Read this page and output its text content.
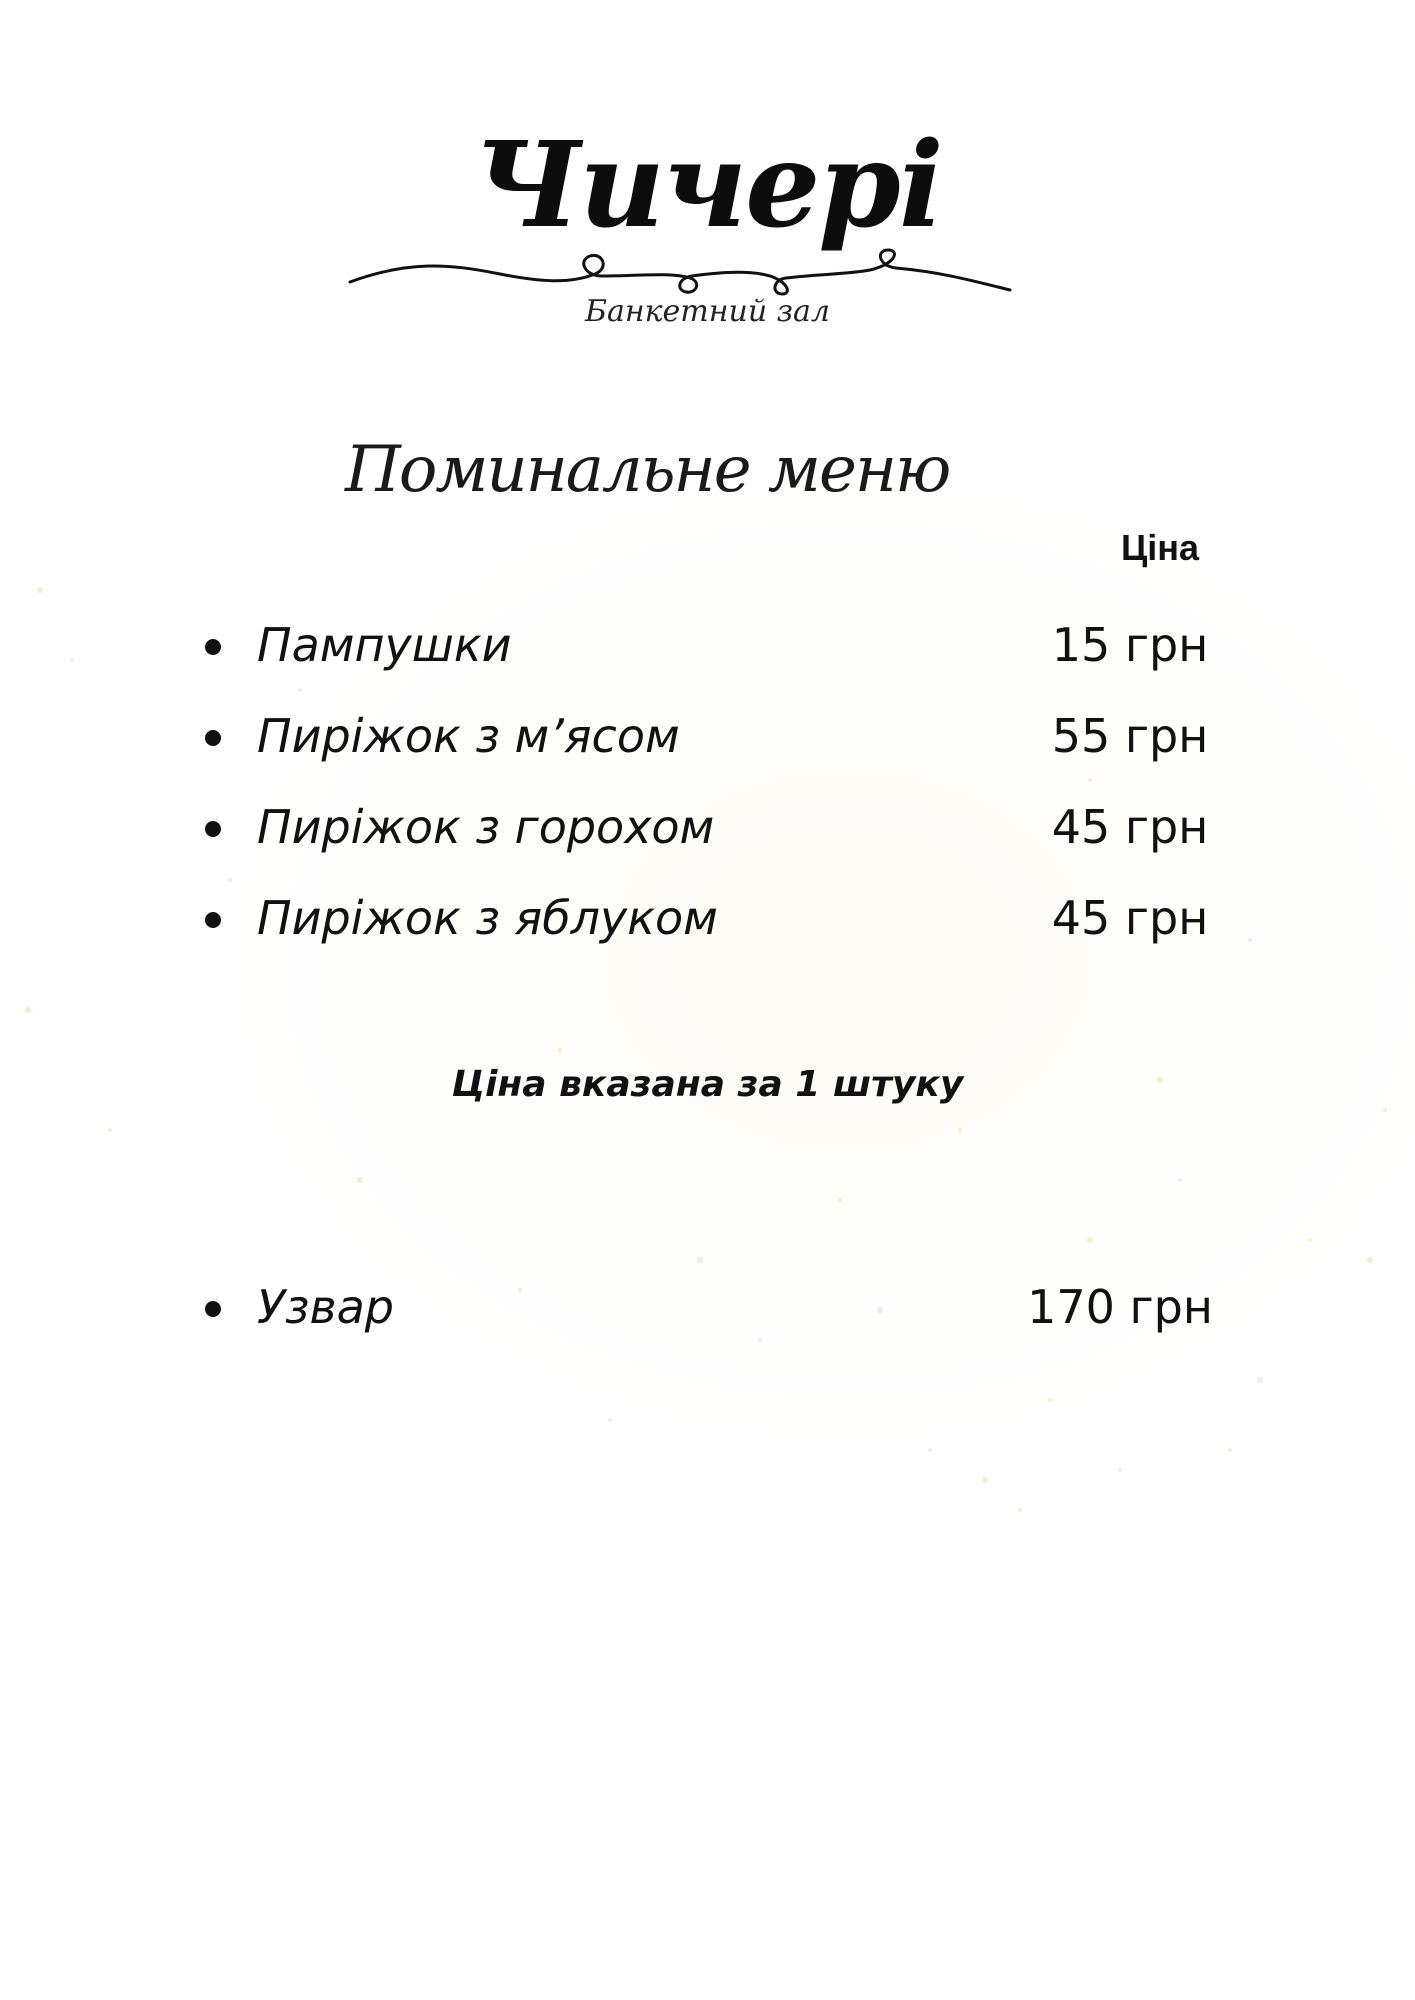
Чичері
Банкетний зал
Поминальне меню
Ціна
Пампушки	15 грн
Пиріжок з м’ясом	55 грн
Пиріжок з горохом	45 грн
Пиріжок з яблуком	45 грн
Ціна вказана за 1 штуку
Узвар	170 грн
